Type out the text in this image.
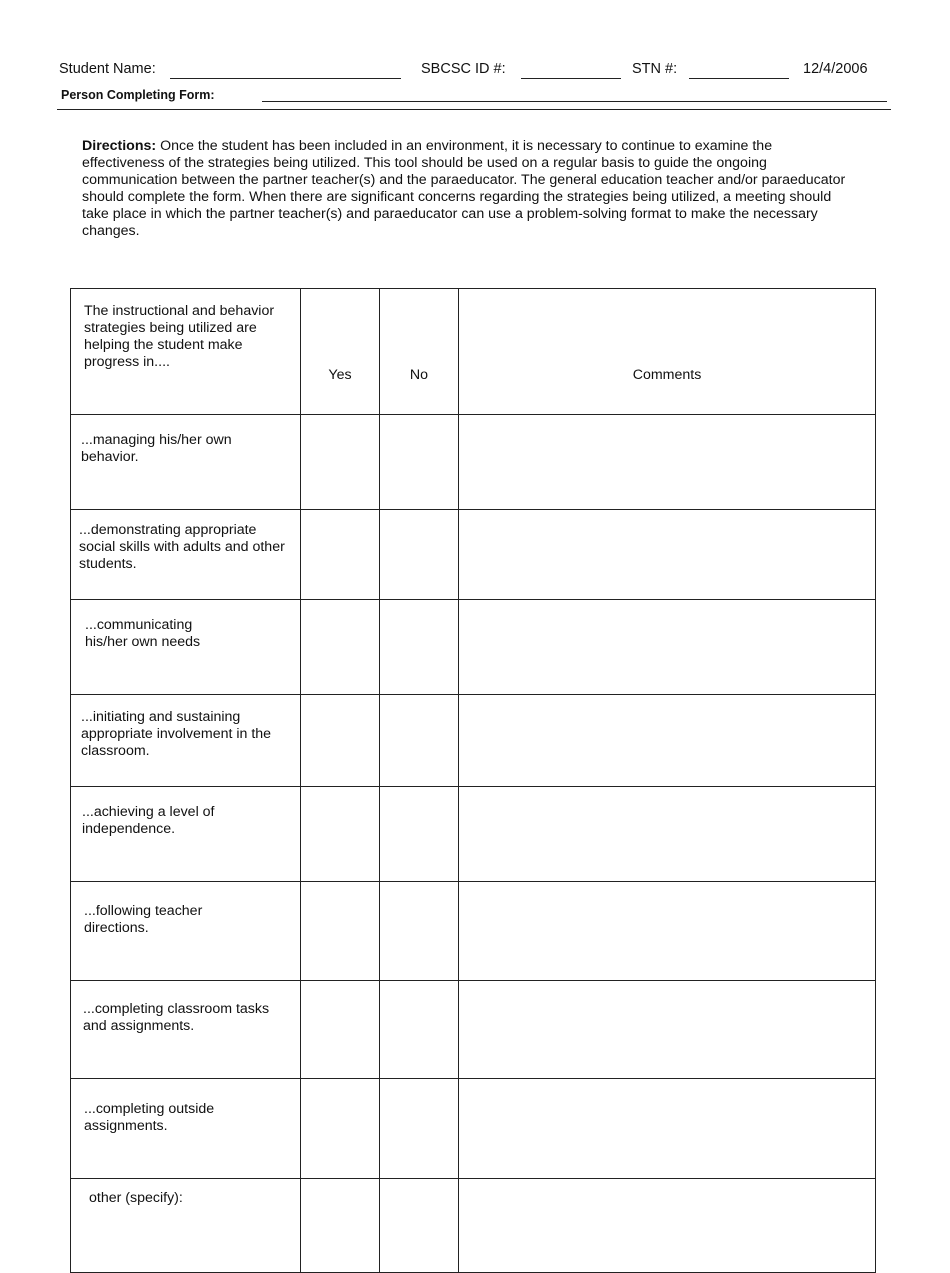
Student Name:	SBCSC ID #:	STN #:	12/4/2006
Person Completing Form:
Directions: Once the student has been included in an environment, it is necessary to continue to examine the effectiveness of the strategies being utilized. This tool should be used on a regular basis to guide the ongoing communication between the partner teacher(s) and the paraeducator. The general education teacher and/or paraeducator should complete the form. When there are significant concerns regarding the strategies being utilized, a meeting should take place in which the partner teacher(s) and paraeducator can use a problem-solving format to make the necessary changes.
The instructional and behavior strategies being utilized are helping the student make progress in....	Yes	No	Comments
...managing his/her own behavior.			
...demonstrating appropriate social skills with adults and other students.			
...communicating his/her own needs			
...initiating and sustaining appropriate involvement in the classroom.			
...achieving a level of independence.			
...following teacher directions.			
...completing classroom tasks and assignments.			
...completing outside assignments.			
other (specify):			
